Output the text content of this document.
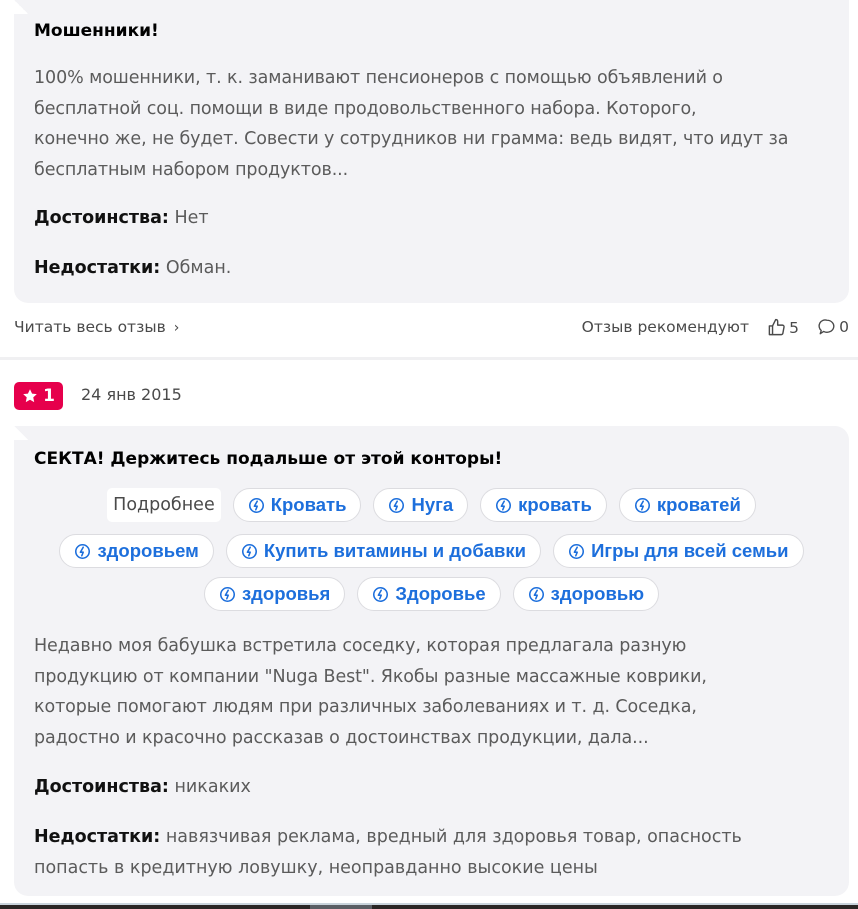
Мошенники!
100% мошенники, т. к. заманивают пенсионеров с помощью объявлений о
бесплатной соц. помощи в виде продовольственного набора. Которого,
конечно же, не будет. Совести у сотрудников ни грамма: ведь видят, что идут за
бесплатным набором продуктов...
Достоинства: Нет
Недостатки: Обман.
Читать весь отзыв ›	Отзыв рекомендуют	5	0
1 24 янв 2015
СЕКТА! Держитесь подальше от этой конторы!
Подробнее	Кровать	Нуга	кровать	кроватей
здоровьем	Купить витамины и добавки	Игры для всей семьи
здоровья	Здоровье	здоровью
Недавно моя бабушка встретила соседку, которая предлагала разную
продукцию от компании "Nuga Best". Якобы разные массажные коврики,
которые помогают людям при различных заболеваниях и т. д. Соседка,
радостно и красочно рассказав о достоинствах продукции, дала...
Достоинства: никаких
Недостатки: навязчивая реклама, вредный для здоровья товар, опасность
попасть в кредитную ловушку, неоправданно высокие цены
